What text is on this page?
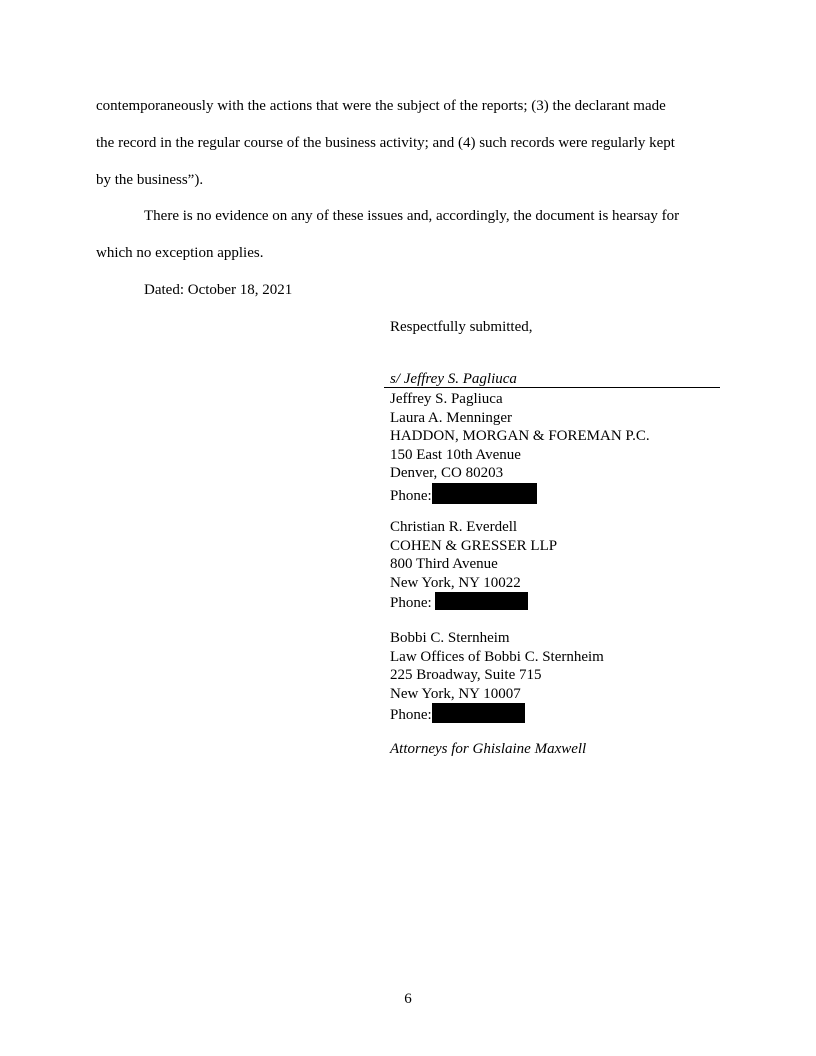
contemporaneously with the actions that were the subject of the reports; (3) the declarant made
the record in the regular course of the business activity; and (4) such records were regularly kept
by the business”).
There is no evidence on any of these issues and, accordingly, the document is hearsay for
which no exception applies.
Dated: October 18, 2021
Respectfully submitted,
s/ Jeffrey S. Pagliuca
Jeffrey S. Pagliuca
Laura A. Menninger
HADDON, MORGAN & FOREMAN P.C.
150 East 10th Avenue
Denver, CO 80203
Phone:
Christian R. Everdell
COHEN & GRESSER LLP
800 Third Avenue
New York, NY 10022
Phone:
Bobbi C. Sternheim
Law Offices of Bobbi C. Sternheim
225 Broadway, Suite 715
New York, NY 10007
Phone:
Attorneys for Ghislaine Maxwell
6
